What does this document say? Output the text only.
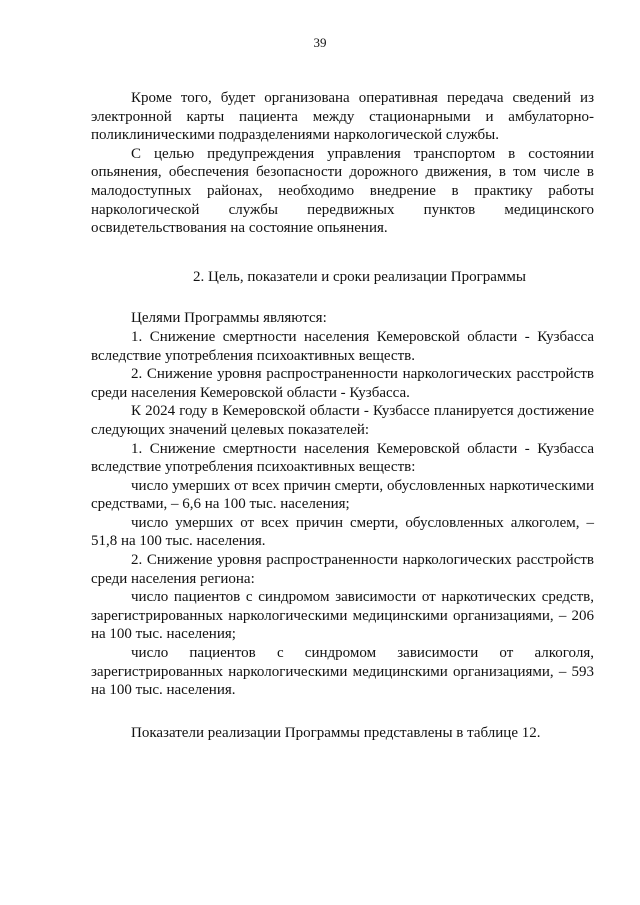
39

Кроме того, будет организована оперативная передача сведений из электронной карты пациента между стационарными и амбулаторно-поликлиническими подразделениями наркологической службы.

С целью предупреждения управления транспортом в состоянии опьянения, обеспечения безопасности дорожного движения, в том числе в малодоступных районах, необходимо внедрение в практику работы наркологической службы передвижных пунктов медицинского освидетельствования на состояние опьянения.

2. Цель, показатели и сроки реализации Программы

Целями Программы являются:

1. Снижение смертности населения Кемеровской области - Кузбасса вследствие употребления психоактивных веществ.

2. Снижение уровня распространенности наркологических расстройств среди населения Кемеровской области - Кузбасса.

К 2024 году в Кемеровской области - Кузбассе планируется достижение следующих значений целевых показателей:

1. Снижение смертности населения Кемеровской области - Кузбасса вследствие употребления психоактивных веществ:

число умерших от всех причин смерти, обусловленных наркотическими средствами, – 6,6 на 100 тыс. населения;

число умерших от всех причин смерти, обусловленных алкоголем, – 51,8 на 100 тыс. населения.

2. Снижение уровня распространенности наркологических расстройств среди населения региона:

число пациентов с синдромом зависимости от наркотических средств, зарегистрированных наркологическими медицинскими организациями, – 206 на 100 тыс. населения;

число пациентов с синдромом зависимости от алкоголя, зарегистрированных наркологическими медицинскими организациями, – 593 на 100 тыс. населения.

Показатели реализации Программы представлены в таблице 12.
